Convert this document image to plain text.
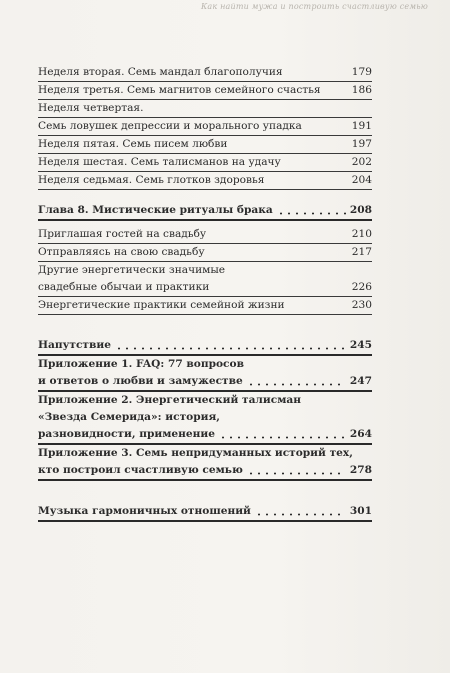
Как найти мужа и построить счастливую семью
Неделя вторая. Семь мандал благополучия	179
Неделя третья. Семь магнитов семейного счастья	186
Неделя четвертая.
Семь ловушек депрессии и морального упадка	191
Неделя пятая. Семь писем любви	197
Неделя шестая. Семь талисманов на удачу	202
Неделя седьмая. Семь глотков здоровья	204
Глава 8. Мистические ритуалы брака	208
Приглашая гостей на свадьбу	210
Отправляясь на свою свадьбу	217
Другие энергетически значимые
свадебные обычаи и практики	226
Энергетические практики семейной жизни	230
Напутствие	245
Приложение 1. FAQ: 77 вопросов
и ответов о любви и замужестве	247
Приложение 2. Энергетический талисман
«Звезда Семерида»: история,
разновидности, применение	264
Приложение 3. Семь непридуманных историй тех,
кто построил счастливую семью	278
Музыка гармоничных отношений	301
